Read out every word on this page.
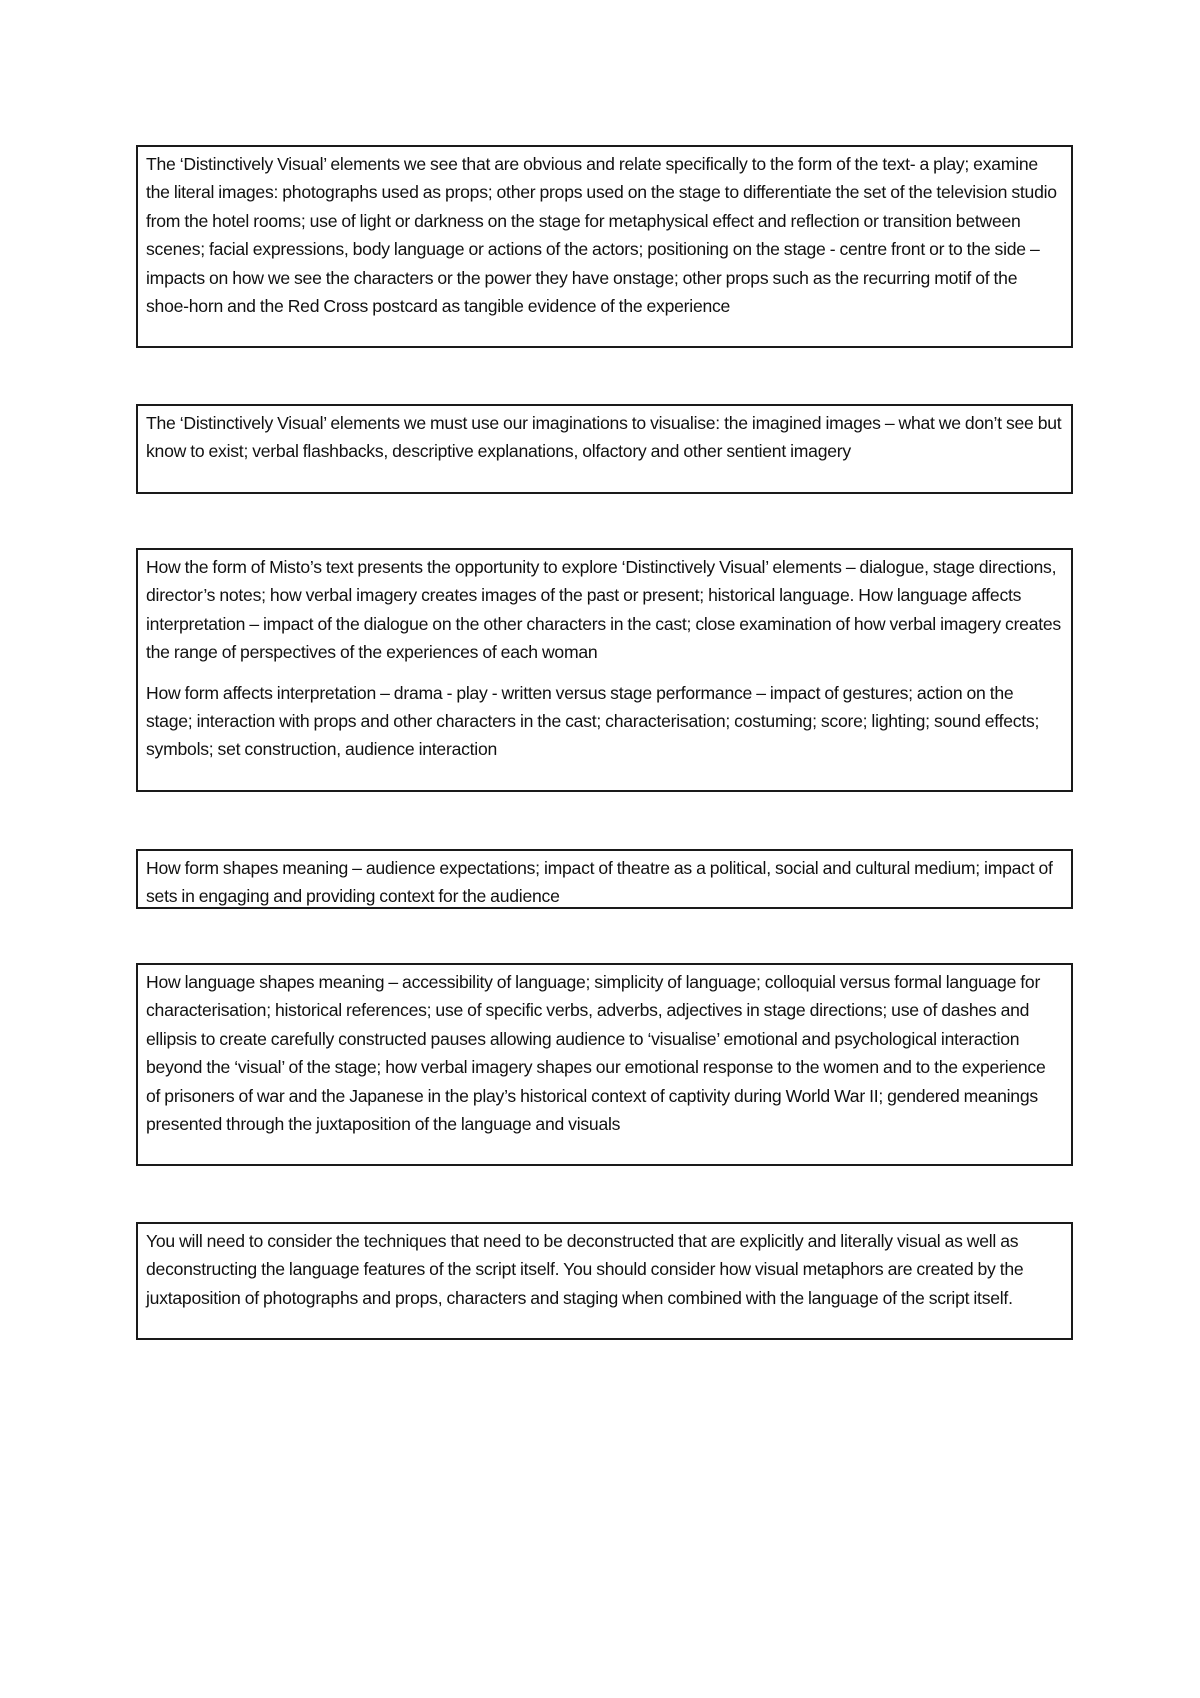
The ‘Distinctively Visual’ elements we see that are obvious and relate specifically to the form of the text- a play; examine the literal images: photographs used as props; other props used on the stage to differentiate the set of the television studio from the hotel rooms; use of light or darkness on the stage for metaphysical effect and reflection or transition between scenes; facial expressions, body language or actions of the actors; positioning on the stage - centre front or to the side – impacts on how we see the characters or the power they have onstage; other props such as the recurring motif of the shoe-horn and the Red Cross postcard as tangible evidence of the experience

The ‘Distinctively Visual’ elements we must use our imaginations to visualise: the imagined images – what we don’t see but know to exist; verbal flashbacks, descriptive explanations, olfactory and other sentient imagery

How the form of Misto’s text presents the opportunity to explore ‘Distinctively Visual’ elements – dialogue, stage directions, director’s notes; how verbal imagery creates images of the past or present; historical language. How language affects interpretation – impact of the dialogue on the other characters in the cast; close examination of how verbal imagery creates the range of perspectives of the experiences of each woman

How form affects interpretation – drama - play - written versus stage performance – impact of gestures; action on the stage; interaction with props and other characters in the cast; characterisation; costuming; score; lighting; sound effects; symbols; set construction, audience interaction

How form shapes meaning – audience expectations; impact of theatre as a political, social and cultural medium; impact of sets in engaging and providing context for the audience

How language shapes meaning – accessibility of language; simplicity of language; colloquial versus formal language for characterisation; historical references; use of specific verbs, adverbs, adjectives in stage directions; use of dashes and ellipsis to create carefully constructed pauses allowing audience to ‘visualise’ emotional and psychological interaction beyond the ‘visual’ of the stage; how verbal imagery shapes our emotional response to the women and to the experience of prisoners of war and the Japanese in the play’s historical context of captivity during World War II; gendered meanings presented through the juxtaposition of the language and visuals

You will need to consider the techniques that need to be deconstructed that are explicitly and literally visual as well as deconstructing the language features of the script itself. You should consider how visual metaphors are created by the juxtaposition of photographs and props, characters and staging when combined with the language of the script itself.
